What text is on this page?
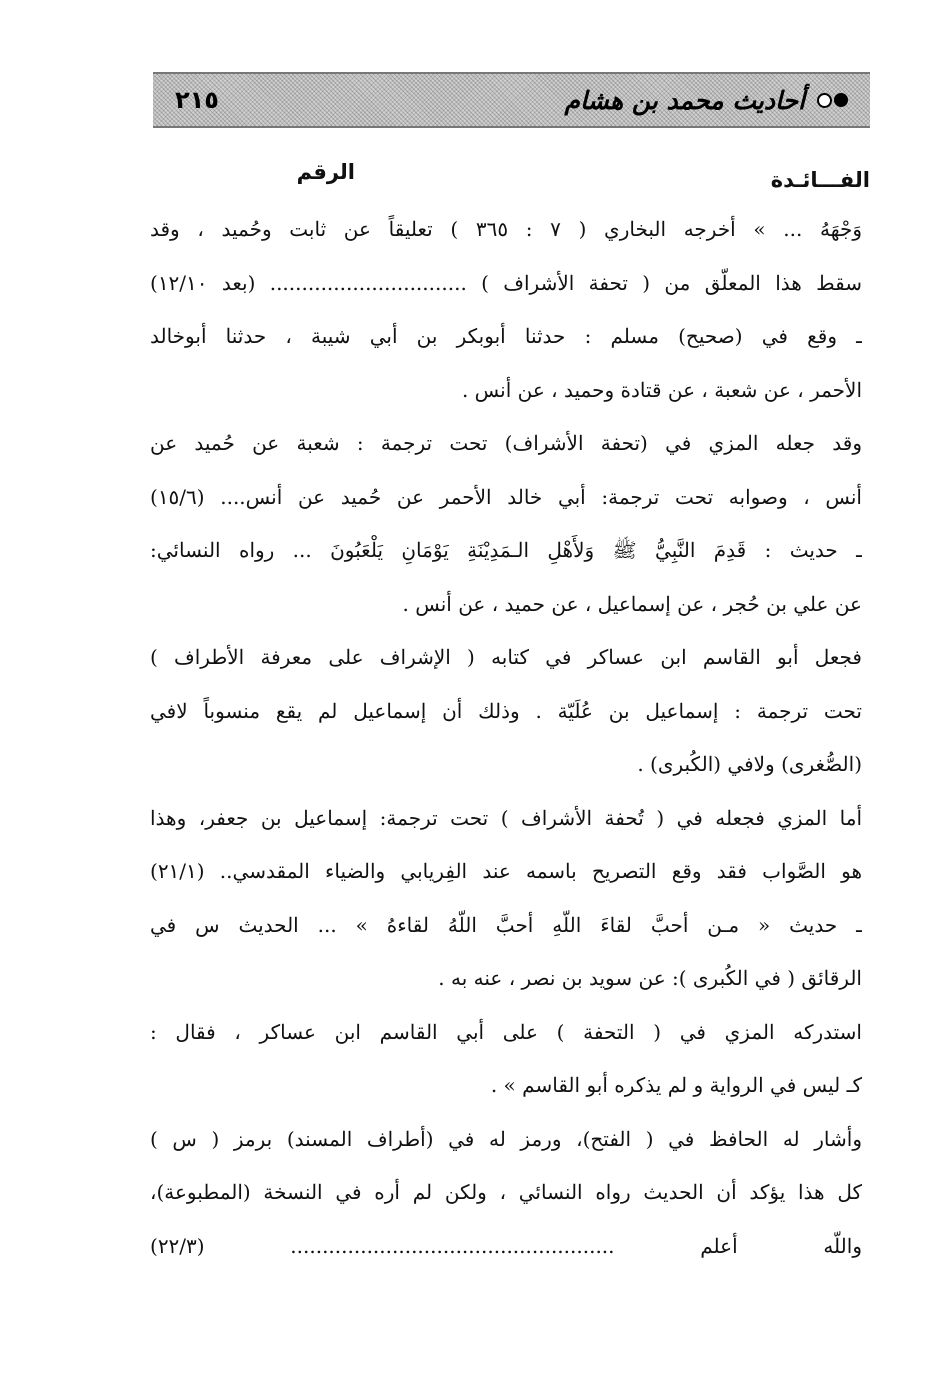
أحاديث محمد بن هشام
٢١٥
الفـــائـدة
الرقم
وَجْهَهُ ... » أخرجه البخاري ( ٧ : ٣٦٥ ) تعليقاً عن ثابت وحُميد ، وقد
سقط هذا المعلّق من ( تحفة الأشراف ) ............................... (بعد ١٢/١٠)
ـ وقع في (صحيح) مسلم : حدثنا أبوبكر بن أبي شيبة ، حدثنا أبوخالد
الأحمر ، عن شعبة ، عن قتادة وحميد ، عن أنس .
وقد جعله المزي في (تحفة الأشراف) تحت ترجمة : شعبة عن حُميد عن
أنس ، وصوابه تحت ترجمة: أبي خالد الأحمر عن حُميد عن أنس.... (١٥/٦)
ـ حديث : قَدِمَ النَّبِيُّ ﷺ وَلأَهْلِ الـمَدِيْنَةِ يَوْمَانِ يَلْعَبُونَ ... رواه النسائي:
عن علي بن حُجر ، عن إسماعيل ، عن حميد ، عن أنس .
فجعل أبو القاسم ابن عساكر في كتابه ( الإشراف على معرفة الأطراف )
تحت ترجمة : إسماعيل بن عُلَيّة . وذلك أن إسماعيل لم يقع منسوباً لافي
(الصُّغرى) ولافي (الكُبرى) .
أما المزي فجعله في ( تُحفة الأشراف ) تحت ترجمة: إسماعيل بن جعفر، وهذا
هو الصَّواب فقد وقع التصريح باسمه عند الفِريابي والضياء المقدسي.. (٢١/١)
ـ حديث « مـن أحبَّ لقاءَ اللّهِ أحبَّ اللّهُ لقاءهُ » ... الحديث س في
الرقائق ( في الكُبرى ): عن سويد بن نصر ، عنه به .
استدركه المزي في ( التحفة ) على أبي القاسم ابن عساكر ، فقال :
كـ ليس في الرواية و لم يذكره أبو القاسم » .
وأشار له الحافظ في ( الفتح)، ورمز له في (أطراف المسند) برمز ( س )
كل هذا يؤكد أن الحديث رواه النسائي ، ولكن لم أره في النسخة (المطبوعة)،
واللّه أعلم ................................................... (٢٢/٣)
